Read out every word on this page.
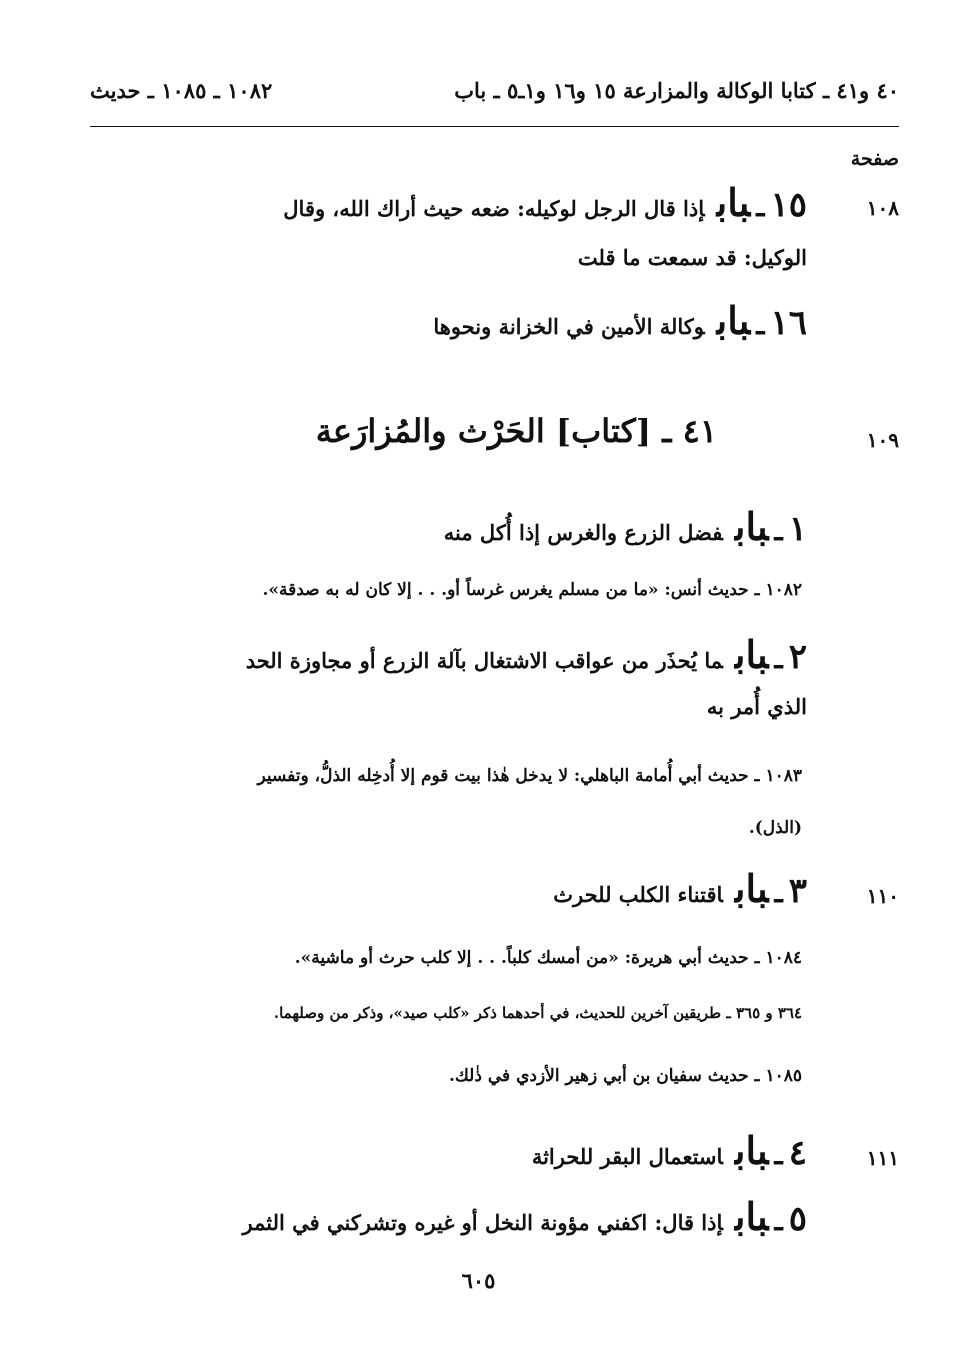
٤٠ و٤١ ـ كتابا الوكالة والمزارعة ١٥ و١٦ و١ـ٥ ـ باب
١٠٨٢ ـ ١٠٨٥ ـ حديث
صفحة
١٠٨
١٥ـبابإذا قال الرجل لوكيله: ضعه حيث أراك الله، وقال
الوكيل: قد سمعت ما قلت
١٦ـبابوكالة الأمين في الخزانة ونحوها
١٠٩
٤١ ـ [كتاب] الحَرْث والمُزارَعة
١ـبابفضل الزرع والغرس إذا أُكل منه
١٠٨٢ ـ حديث أنس: «ما من مسلم يغرس غرساً أو. . . إلا كان له به صدقة».
٢ـبابما يُحذَر من عواقب الاشتغال بآلة الزرع أو مجاوزة الحد
الذي أُمر به
١٠٨٣ ـ حديث أبي أُمامة الباهلي: لا يدخل هٰذا بيت قوم إلا أُدخِله الذلُّ، وتفسير
(الذل).
١١٠
٣ـباباقتناء الكلب للحرث
١٠٨٤ ـ حديث أبي هريرة: «من أمسك كلباً. . . إلا كلب حرث أو ماشية».
٣٦٤ و ٣٦٥ ـ طريقين آخرين للحديث، في أحدهما ذكر «كلب صيد»، وذكر من وصلهما.
١٠٨٥ ـ حديث سفيان بن أبي زهير الأزدي في ذٰلك.
١١١
٤ـباباستعمال البقر للحراثة
٥ـبابإذا قال: اكفني مؤونة النخل أو غيره وتشركني في الثمر
٦٠٥
